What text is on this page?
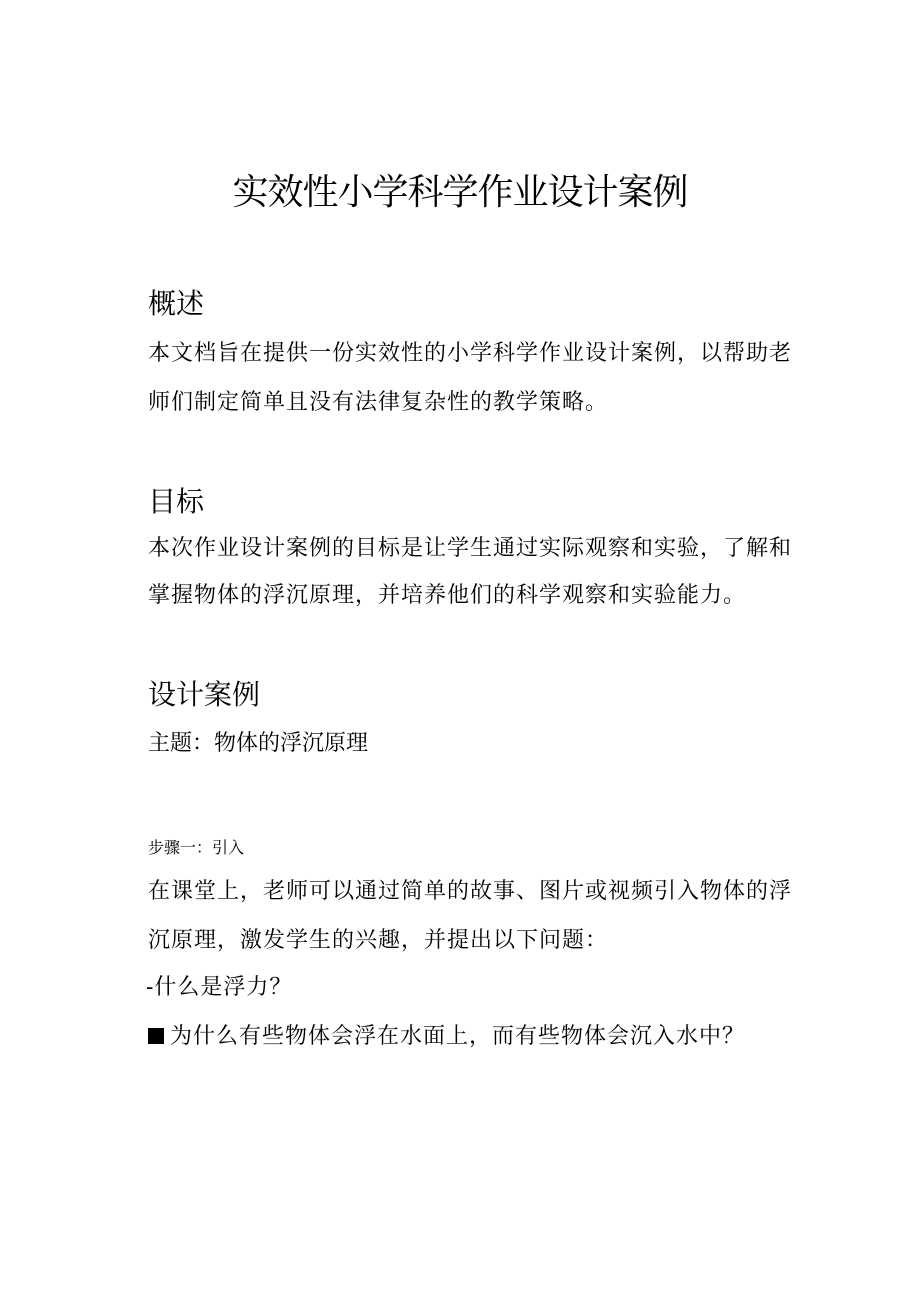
实效性小学科学作业设计案例
概述
本文档旨在提供一份实效性的小学科学作业设计案例，以帮助老
师们制定简单且没有法律复杂性的教学策略。
目标
本次作业设计案例的目标是让学生通过实际观察和实验，了解和
掌握物体的浮沉原理，并培养他们的科学观察和实验能力。
设计案例
主题：物体的浮沉原理
步骤一：引入
在课堂上，老师可以通过简单的故事、图片或视频引入物体的浮
沉原理，激发学生的兴趣，并提出以下问题：
-什么是浮力？
为什么有些物体会浮在水面上，而有些物体会沉入水中？
